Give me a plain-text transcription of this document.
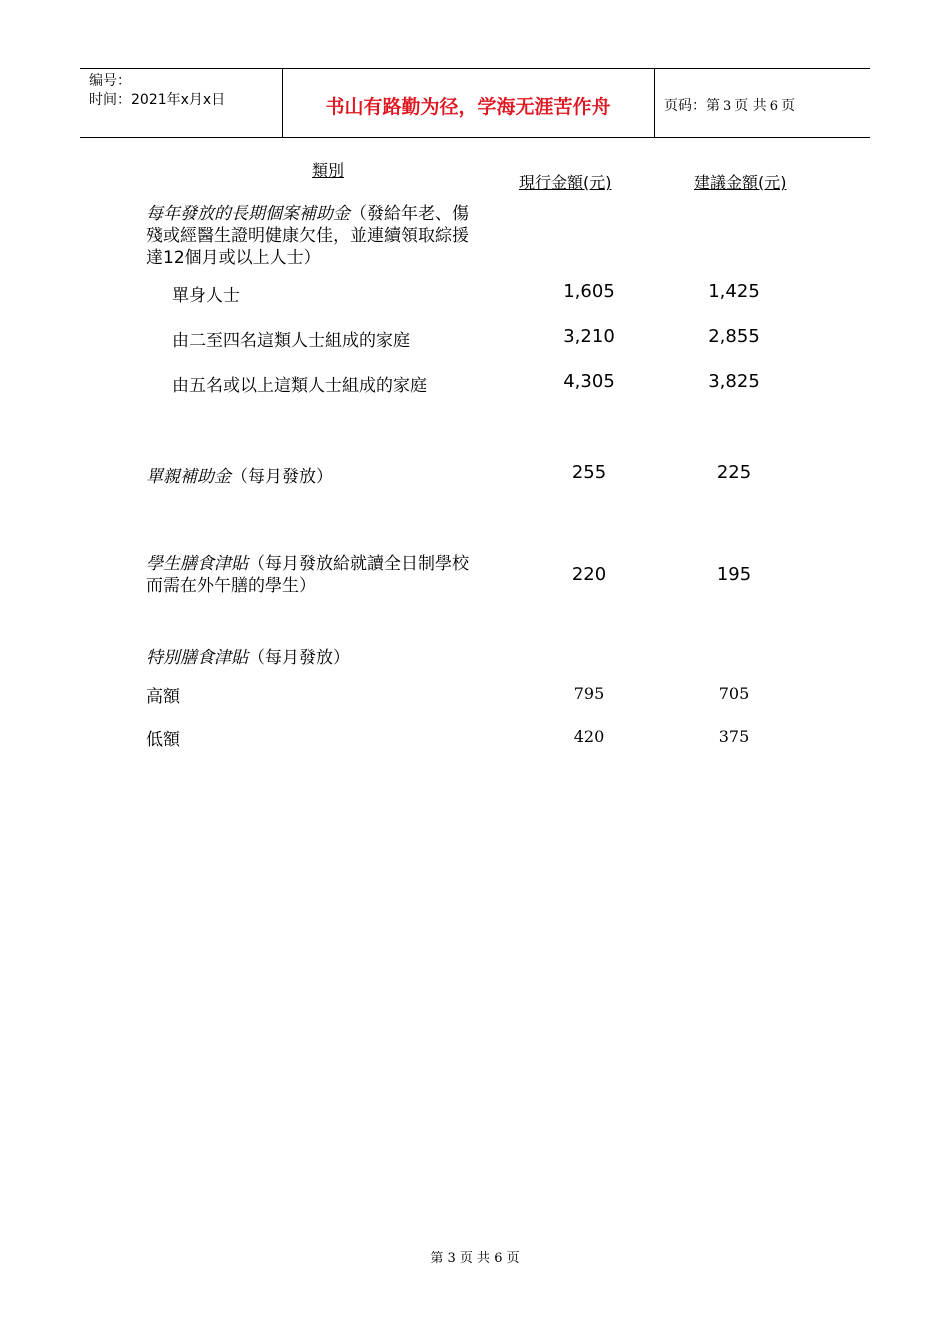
编号：
时间：2021年x月x日	书山有路勤为径，学海无涯苦作舟	页码：第 3 页 共 6 页
類別
現行金額(元)	建議金額(元)
每年發放的長期個案補助金（發給年老、傷
殘或經醫生證明健康欠佳，並連續領取綜援
達12個月或以上人士）
單身人士	1,605	1,425
由二至四名這類人士組成的家庭	3,210	2,855
由五名或以上這類人士組成的家庭	4,305	3,825
單親補助金（每月發放）	255	225
學生膳食津貼（每月發放給就讀全日制學校
而需在外午膳的學生）
220	195
特別膳食津貼（每月發放）
高額	795	705
低額	420	375
第 3 页 共 6 页
